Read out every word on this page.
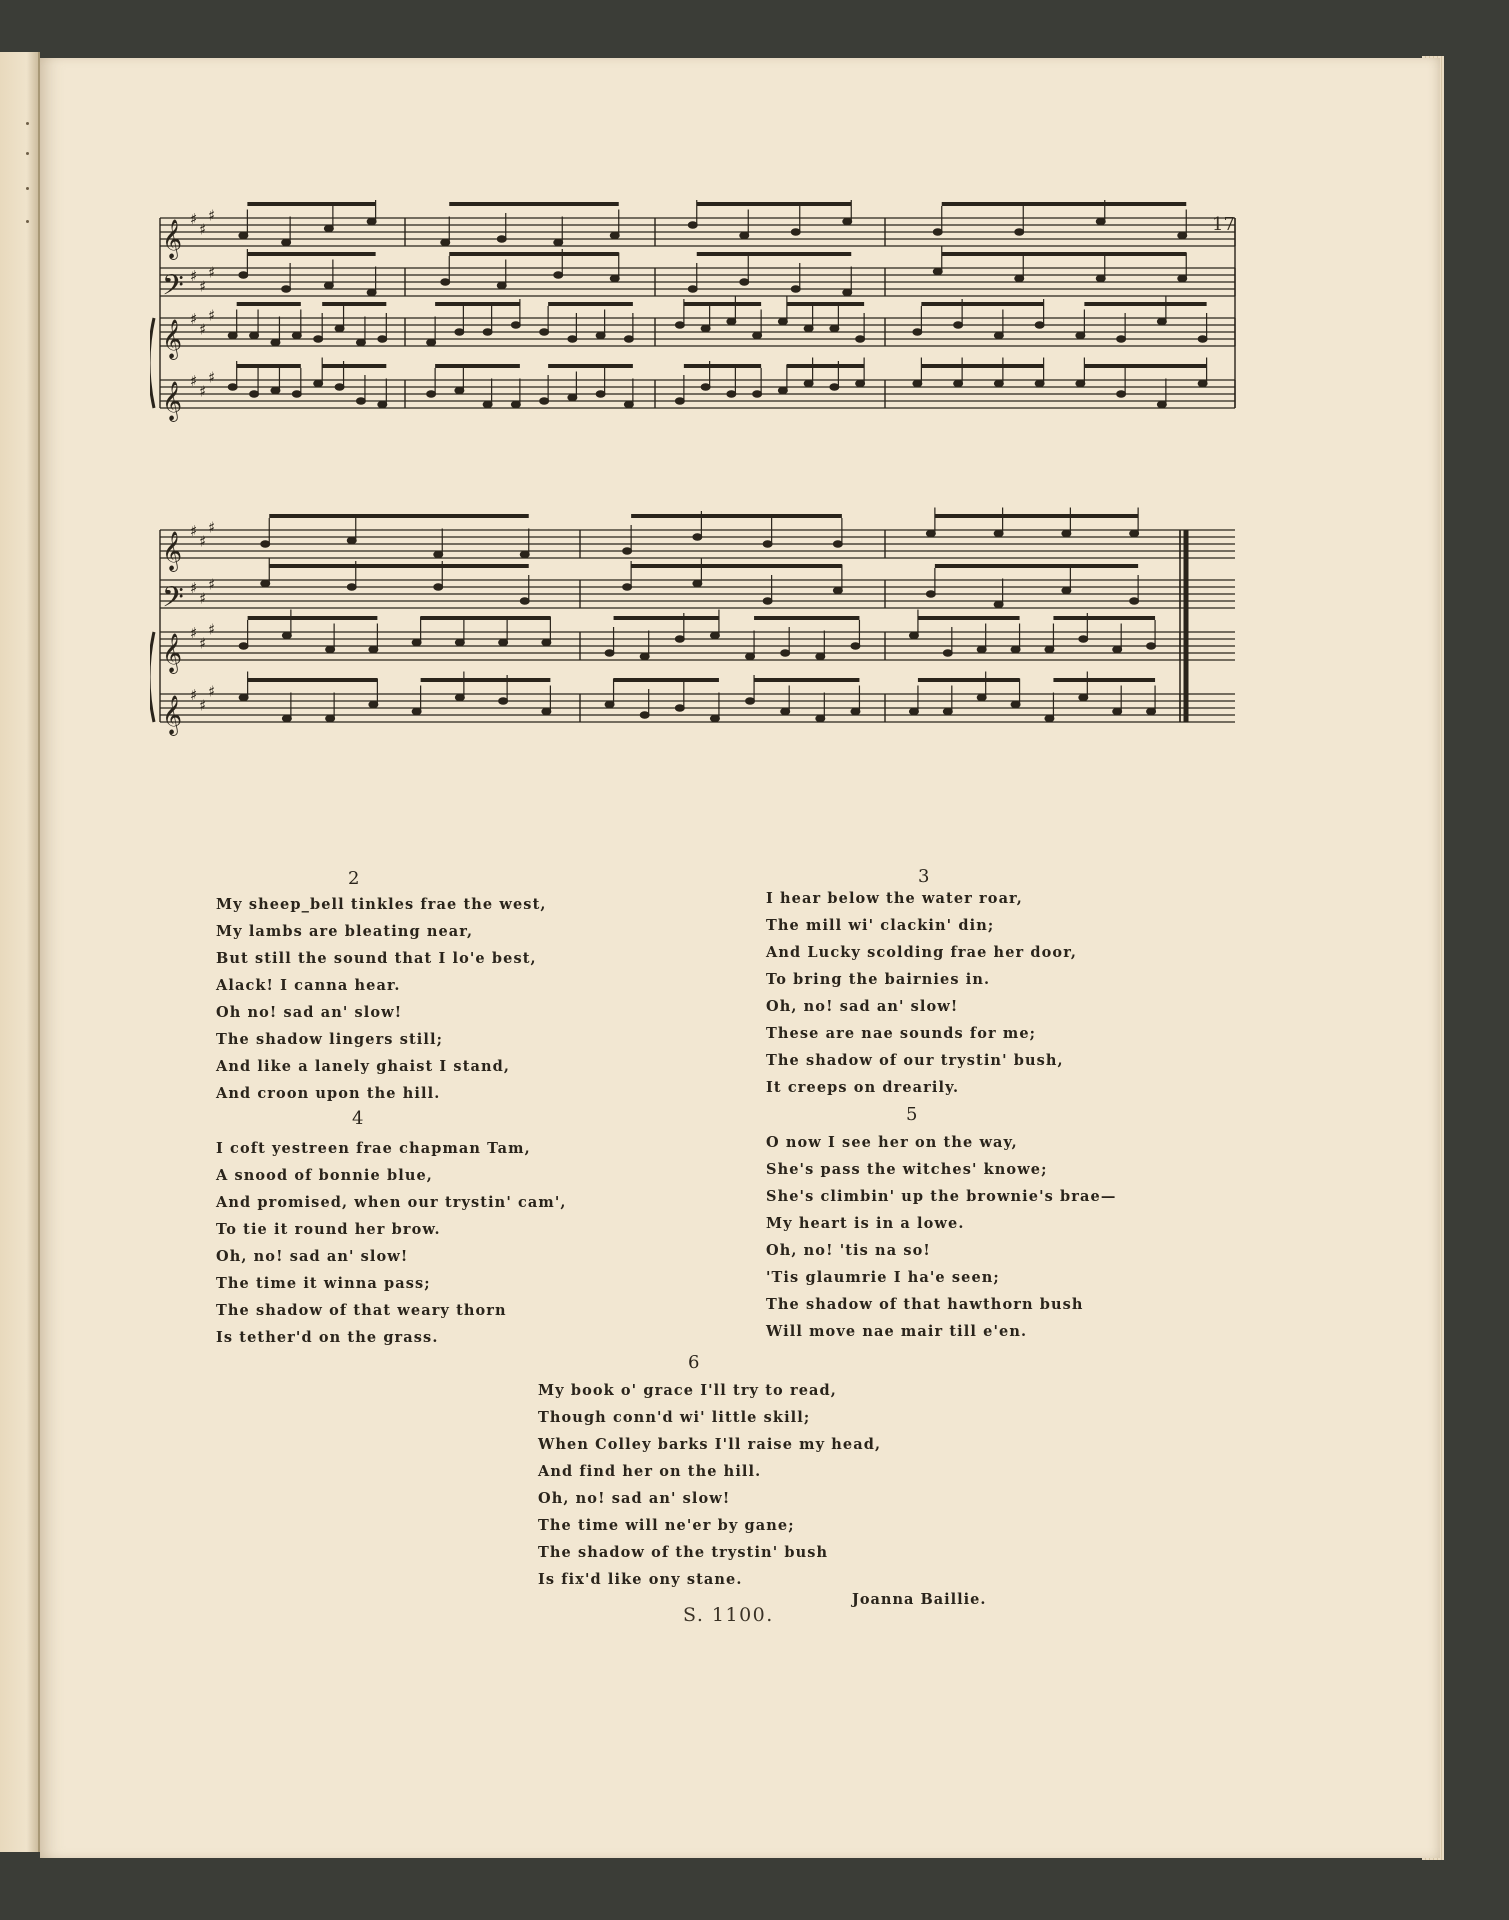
17
𝄞 ♯
♯
♯
𝄢 ♯
♯
♯
𝄞 ♯
♯
♯
𝄞 ♯
♯
♯
𝄞 ♯
♯
♯
𝄢 ♯
♯
♯
𝄞 ♯
♯
♯
𝄞 ♯
♯
♯
2
My sheep_bell tinkles frae the west,
My lambs are bleating near,
But still the sound that I lo'e best,
Alack! I canna hear.
Oh no! sad an' slow!
The shadow lingers still;
And like a lanely ghaist I stand,
And croon upon the hill.
3
I hear below the water roar,
The mill wi' clackin' din;
And Lucky scolding frae her door,
To bring the bairnies in.
Oh, no! sad an' slow!
These are nae sounds for me;
The shadow of our trystin' bush,
It creeps on drearily.
4
I coft yestreen frae chapman Tam,
A snood of bonnie blue,
And promised, when our trystin' cam',
To tie it round her brow.
Oh, no! sad an' slow!
The time it winna pass;
The shadow of that weary thorn
Is tether'd on the grass.
5
O now I see her on the way,
She's pass the witches' knowe;
She's climbin' up the brownie's brae—
My heart is in a lowe.
Oh, no! 'tis na so!
'Tis glaumrie I ha'e seen;
The shadow of that hawthorn bush
Will move nae mair till e'en.
6
My book o' grace I'll try to read,
Though conn'd wi' little skill;
When Colley barks I'll raise my head,
And find her on the hill.
Oh, no! sad an' slow!
The time will ne'er by gane;
The shadow of the trystin' bush
Is fix'd like ony stane.
Joanna Baillie.
S. 1100.
